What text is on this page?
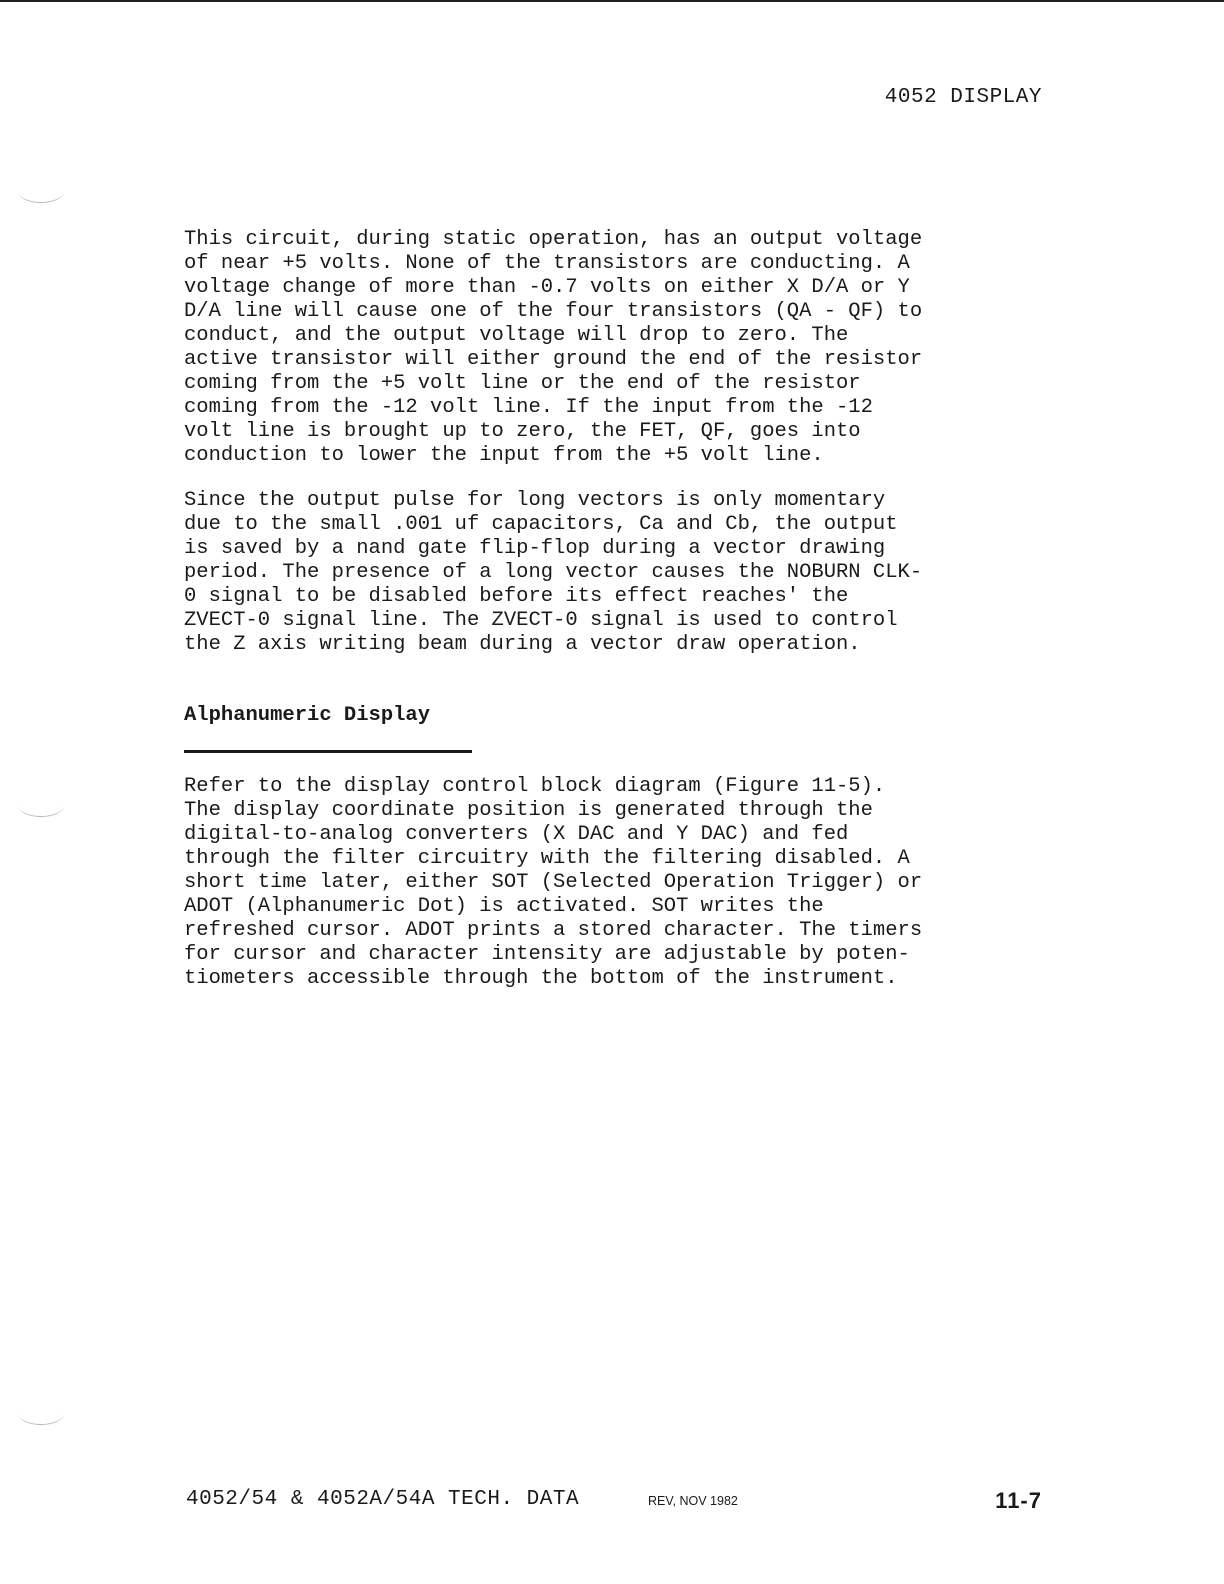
4052 DISPLAY

This circuit, during static operation, has an output voltage
of near +5 volts. None of the transistors are conducting. A
voltage change of more than -0.7 volts on either X D/A or Y
D/A line will cause one of the four transistors (QA - QF) to
conduct, and the output voltage will drop to zero. The
active transistor will either ground the end of the resistor
coming from the +5 volt line or the end of the resistor
coming from the -12 volt line. If the input from the -12
volt line is brought up to zero, the FET, QF, goes into
conduction to lower the input from the +5 volt line.

Since the output pulse for long vectors is only momentary
due to the small .001 uf capacitors, Ca and Cb, the output
is saved by a nand gate flip-flop during a vector drawing
period. The presence of a long vector causes the NOBURN CLK-
0 signal to be disabled before its effect reaches' the
ZVECT-0 signal line. The ZVECT-0 signal is used to control
the Z axis writing beam during a vector draw operation.

Alphanumeric Display

Refer to the display control block diagram (Figure 11-5).
The display coordinate position is generated through the
digital-to-analog converters (X DAC and Y DAC) and fed
through the filter circuitry with the filtering disabled. A
short time later, either SOT (Selected Operation Trigger) or
ADOT (Alphanumeric Dot) is activated. SOT writes the
refreshed cursor. ADOT prints a stored character. The timers
for cursor and character intensity are adjustable by poten-
tiometers accessible through the bottom of the instrument.

4052/54 & 4052A/54A TECH. DATA	REV, NOV 1982	11-7
